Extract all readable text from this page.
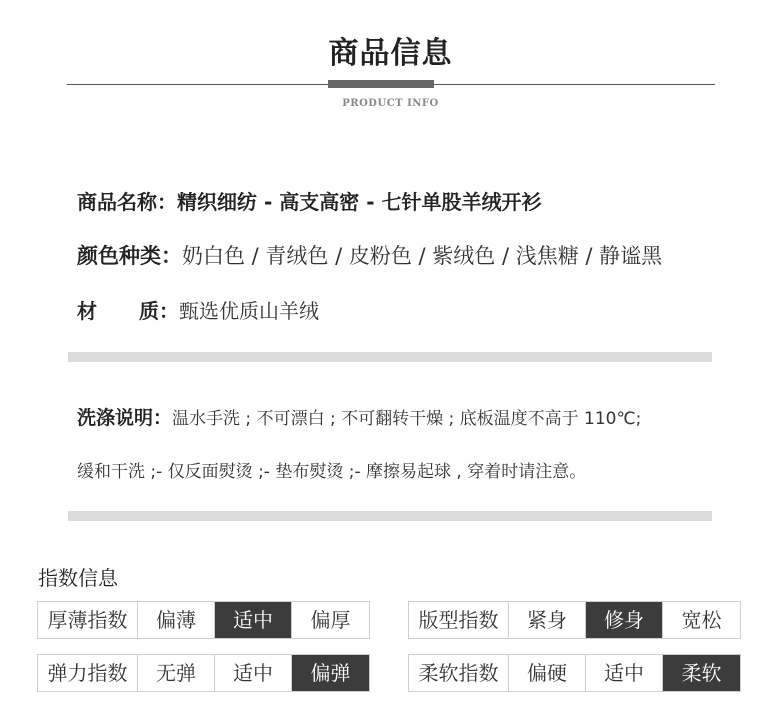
商品信息
PRODUCT INFO
商品名称：精织细纺 - 高支高密 - 七针单股羊绒开衫
颜色种类：奶白色 / 青绒色 / 皮粉色 / 紫绒色 / 浅焦糖 / 静谧黑
材 质：甄选优质山羊绒
洗涤说明：温水手洗 ; 不可漂白 ; 不可翻转干燥 ; 底板温度不高于 110℃;
缓和干洗 ;- 仅反面熨烫 ;- 垫布熨烫 ;- 摩擦易起球 , 穿着时请注意。
指数信息
厚薄指数	偏薄	适中	偏厚	版型指数	紧身	修身	宽松
弹力指数	无弹	适中	偏弹	柔软指数	偏硬	适中	柔软
